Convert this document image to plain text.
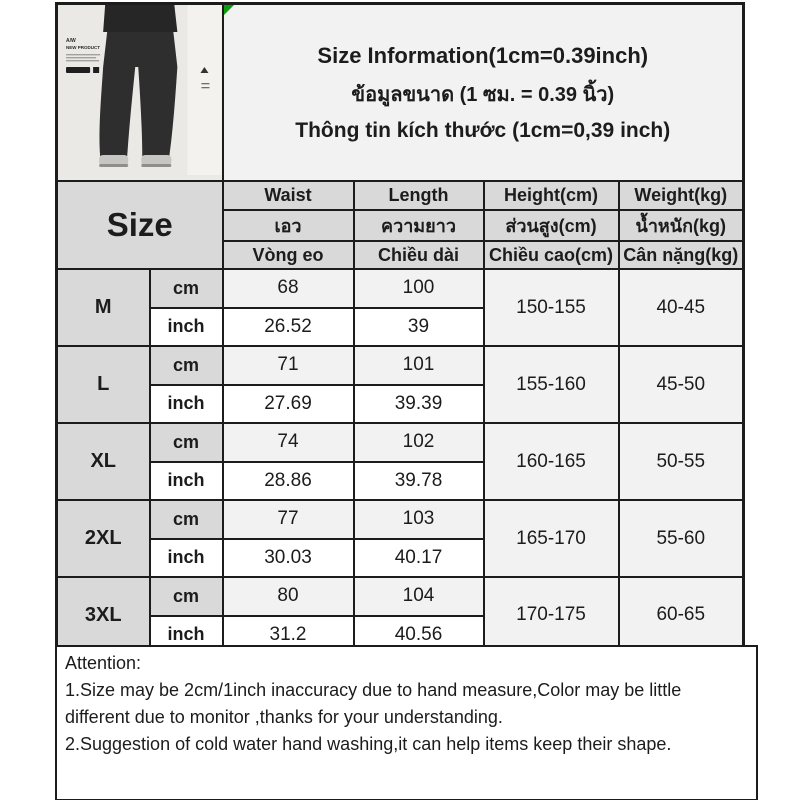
A/W
NEW PRODUCT	Size Information(1cm=0.39inch)
ข้อมูลขนาด (1 ซม. = 0.39 นิ้ว)
Thông tin kích thước (1cm=0,39 inch)

Size		Waist	Length	Height(cm)	Weight(kg)
		เอว	ความยาว	ส่วนสูง(cm)	น้ำหนัก(kg)
		Vòng eo	Chiều dài	Chiều cao(cm)	Cân nặng(kg)
M	cm	68	100	150-155	40-45
	inch	26.52	39		
L	cm	71	101	155-160	45-50
	inch	27.69	39.39		
XL	cm	74	102	160-165	50-55
	inch	28.86	39.78		
2XL	cm	77	103	165-170	55-60
	inch	30.03	40.17		
3XL	cm	80	104	170-175	60-65
	inch	31.2	40.56		

Attention:

1.Size may be 2cm/1inch inaccuracy due to hand measure,Color may be little different due to monitor ,thanks for your understanding.

2.Suggestion of cold water hand washing,it can help items keep their shape.
